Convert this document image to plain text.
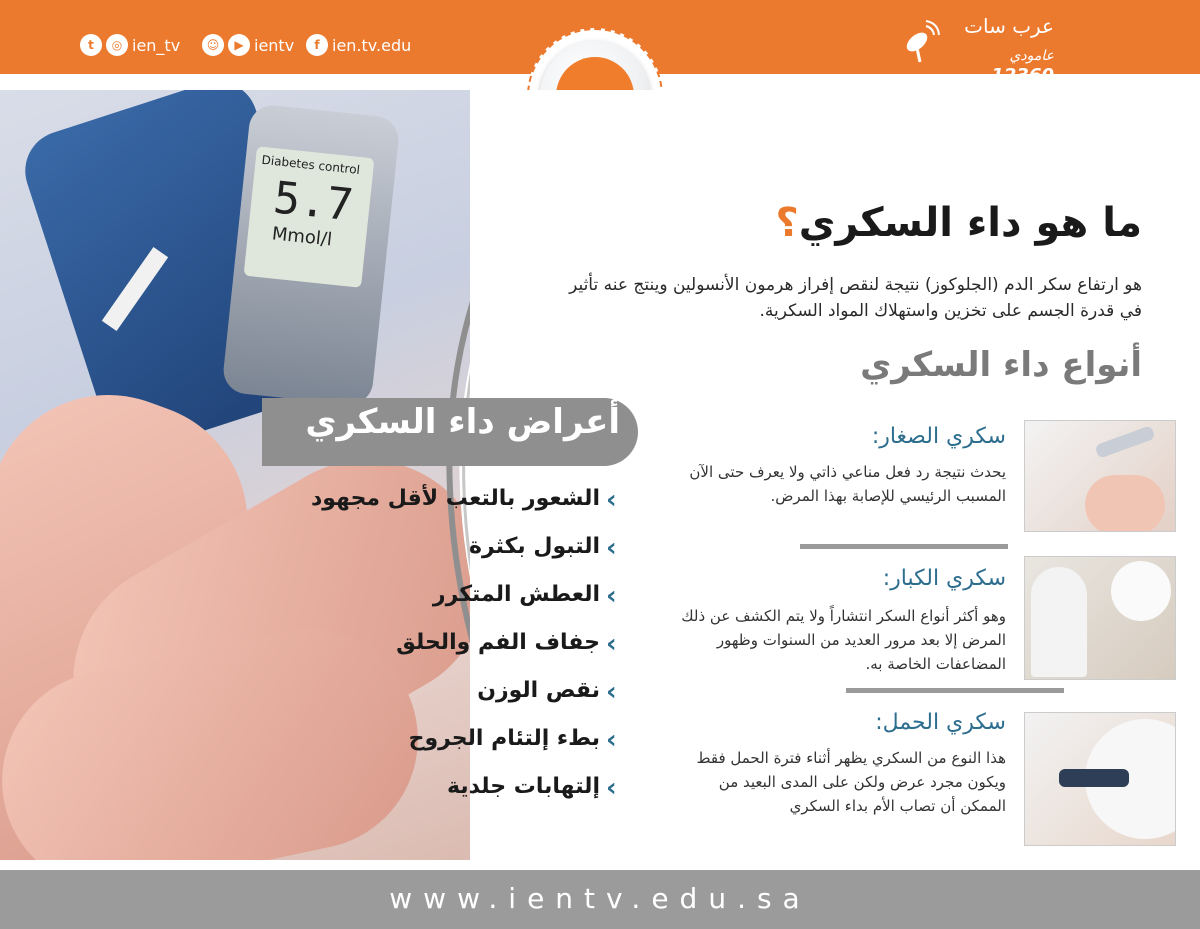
t	◎ ien_tv	☺	▶ ientv	f ien.tv.edu
عرب سات
عامودي 12360
Diabetes control
5.7
Mmol/l	ما هو داء السكري؟
هو ارتفاع سكر الدم (الجلوكوز) نتيجة لنقص إفراز هرمون الأنسولين وينتج عنه تأثير في قدرة الجسم على تخزين واستهلاك المواد السكرية.
أنواع داء السكري
سكري الصغار:
يحدث نتيجة رد فعل مناعي ذاتي ولا يعرف حتى الآن المسبب الرئيسي للإصابة بهذا المرض.
سكري الكبار:
وهو أكثر أنواع السكر انتشاراً ولا يتم الكشف عن ذلك المرض إلا بعد مرور العديد من السنوات وظهور المضاعفات الخاصة به.
سكري الحمل:
هذا النوع من السكري يظهر أثناء فترة الحمل فقط ويكون مجرد عرض ولكن على المدى البعيد من الممكن أن تصاب الأم بداء السكري
أعراض داء السكري
‹
الشعور بالتعب لأقل مجهود
‹
التبول بكثرة
‹
العطش المتكرر
‹
جفاف الفم والحلق
‹
نقص الوزن
‹
بطء إلتئام الجروح
‹
إلتهابات جلدية
www.ientv.edu.sa
